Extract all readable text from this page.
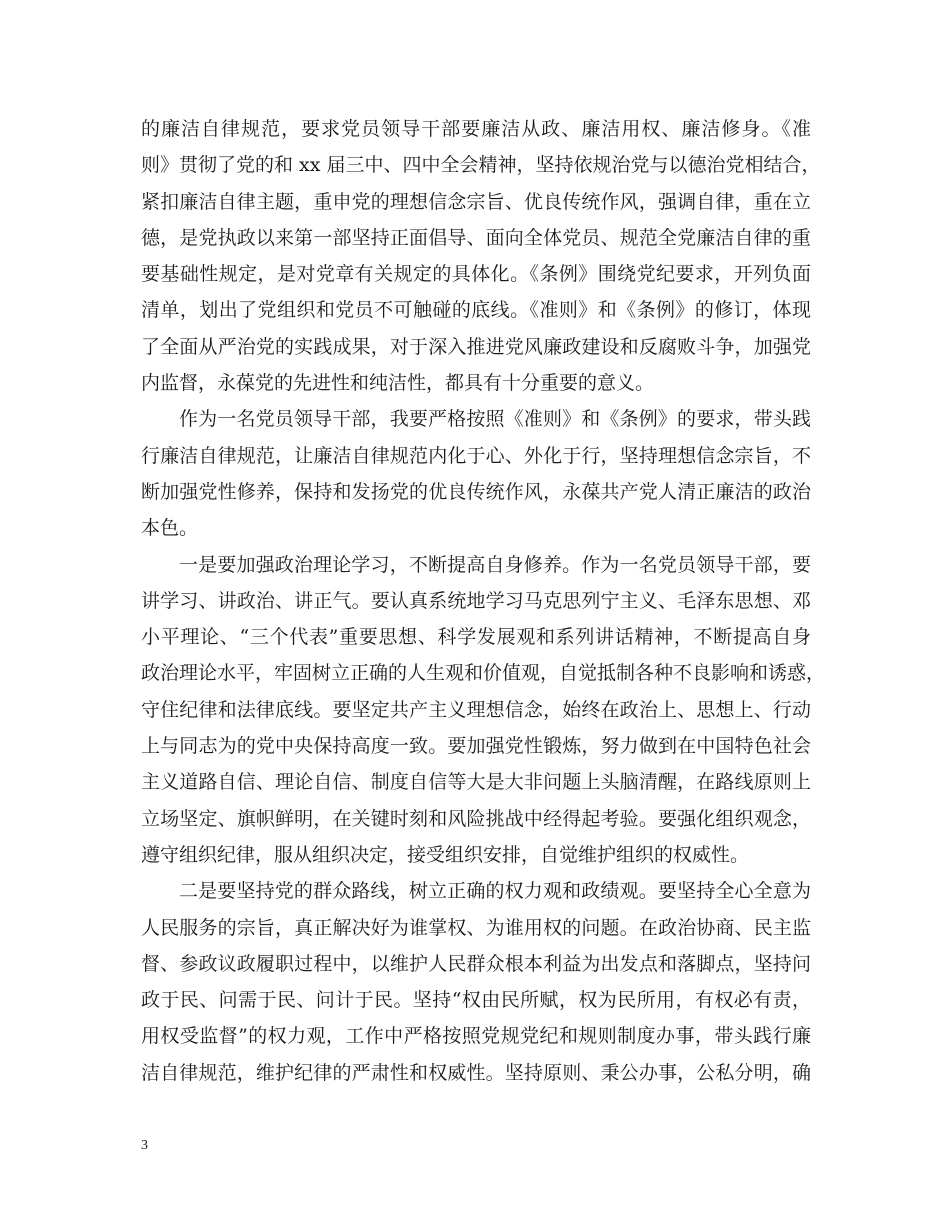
的廉洁自律规范，要求党员领导干部要廉洁从政、廉洁用权、廉洁修身。《准
则》贯彻了党的和 xx 届三中、四中全会精神，坚持依规治党与以德治党相结合，
紧扣廉洁自律主题，重申党的理想信念宗旨、优良传统作风，强调自律，重在立
德，是党执政以来第一部坚持正面倡导、面向全体党员、规范全党廉洁自律的重
要基础性规定，是对党章有关规定的具体化。《条例》围绕党纪要求，开列负面
清单，划出了党组织和党员不可触碰的底线。《准则》和《条例》的修订，体现
了全面从严治党的实践成果，对于深入推进党风廉政建设和反腐败斗争，加强党
内监督，永葆党的先进性和纯洁性，都具有十分重要的意义。
作为一名党员领导干部，我要严格按照《准则》和《条例》的要求，带头践
行廉洁自律规范，让廉洁自律规范内化于心、外化于行，坚持理想信念宗旨，不
断加强党性修养，保持和发扬党的优良传统作风，永葆共产党人清正廉洁的政治
本色。
一是要加强政治理论学习，不断提高自身修养。作为一名党员领导干部，要
讲学习、讲政治、讲正气。要认真系统地学习马克思列宁主义、毛泽东思想、邓
小平理论、“三个代表”重要思想、科学发展观和系列讲话精神，不断提高自身
政治理论水平，牢固树立正确的人生观和价值观，自觉抵制各种不良影响和诱惑，
守住纪律和法律底线。要坚定共产主义理想信念，始终在政治上、思想上、行动
上与同志为的党中央保持高度一致。要加强党性锻炼，努力做到在中国特色社会
主义道路自信、理论自信、制度自信等大是大非问题上头脑清醒，在路线原则上
立场坚定、旗帜鲜明，在关键时刻和风险挑战中经得起考验。要强化组织观念，
遵守组织纪律，服从组织决定，接受组织安排，自觉维护组织的权威性。
二是要坚持党的群众路线，树立正确的权力观和政绩观。要坚持全心全意为
人民服务的宗旨，真正解决好为谁掌权、为谁用权的问题。在政治协商、民主监
督、参政议政履职过程中，以维护人民群众根本利益为出发点和落脚点，坚持问
政于民、问需于民、问计于民。坚持“权由民所赋，权为民所用，有权必有责，
用权受监督”的权力观，工作中严格按照党规党纪和规则制度办事，带头践行廉
洁自律规范，维护纪律的严肃性和权威性。坚持原则、秉公办事，公私分明，确
3
